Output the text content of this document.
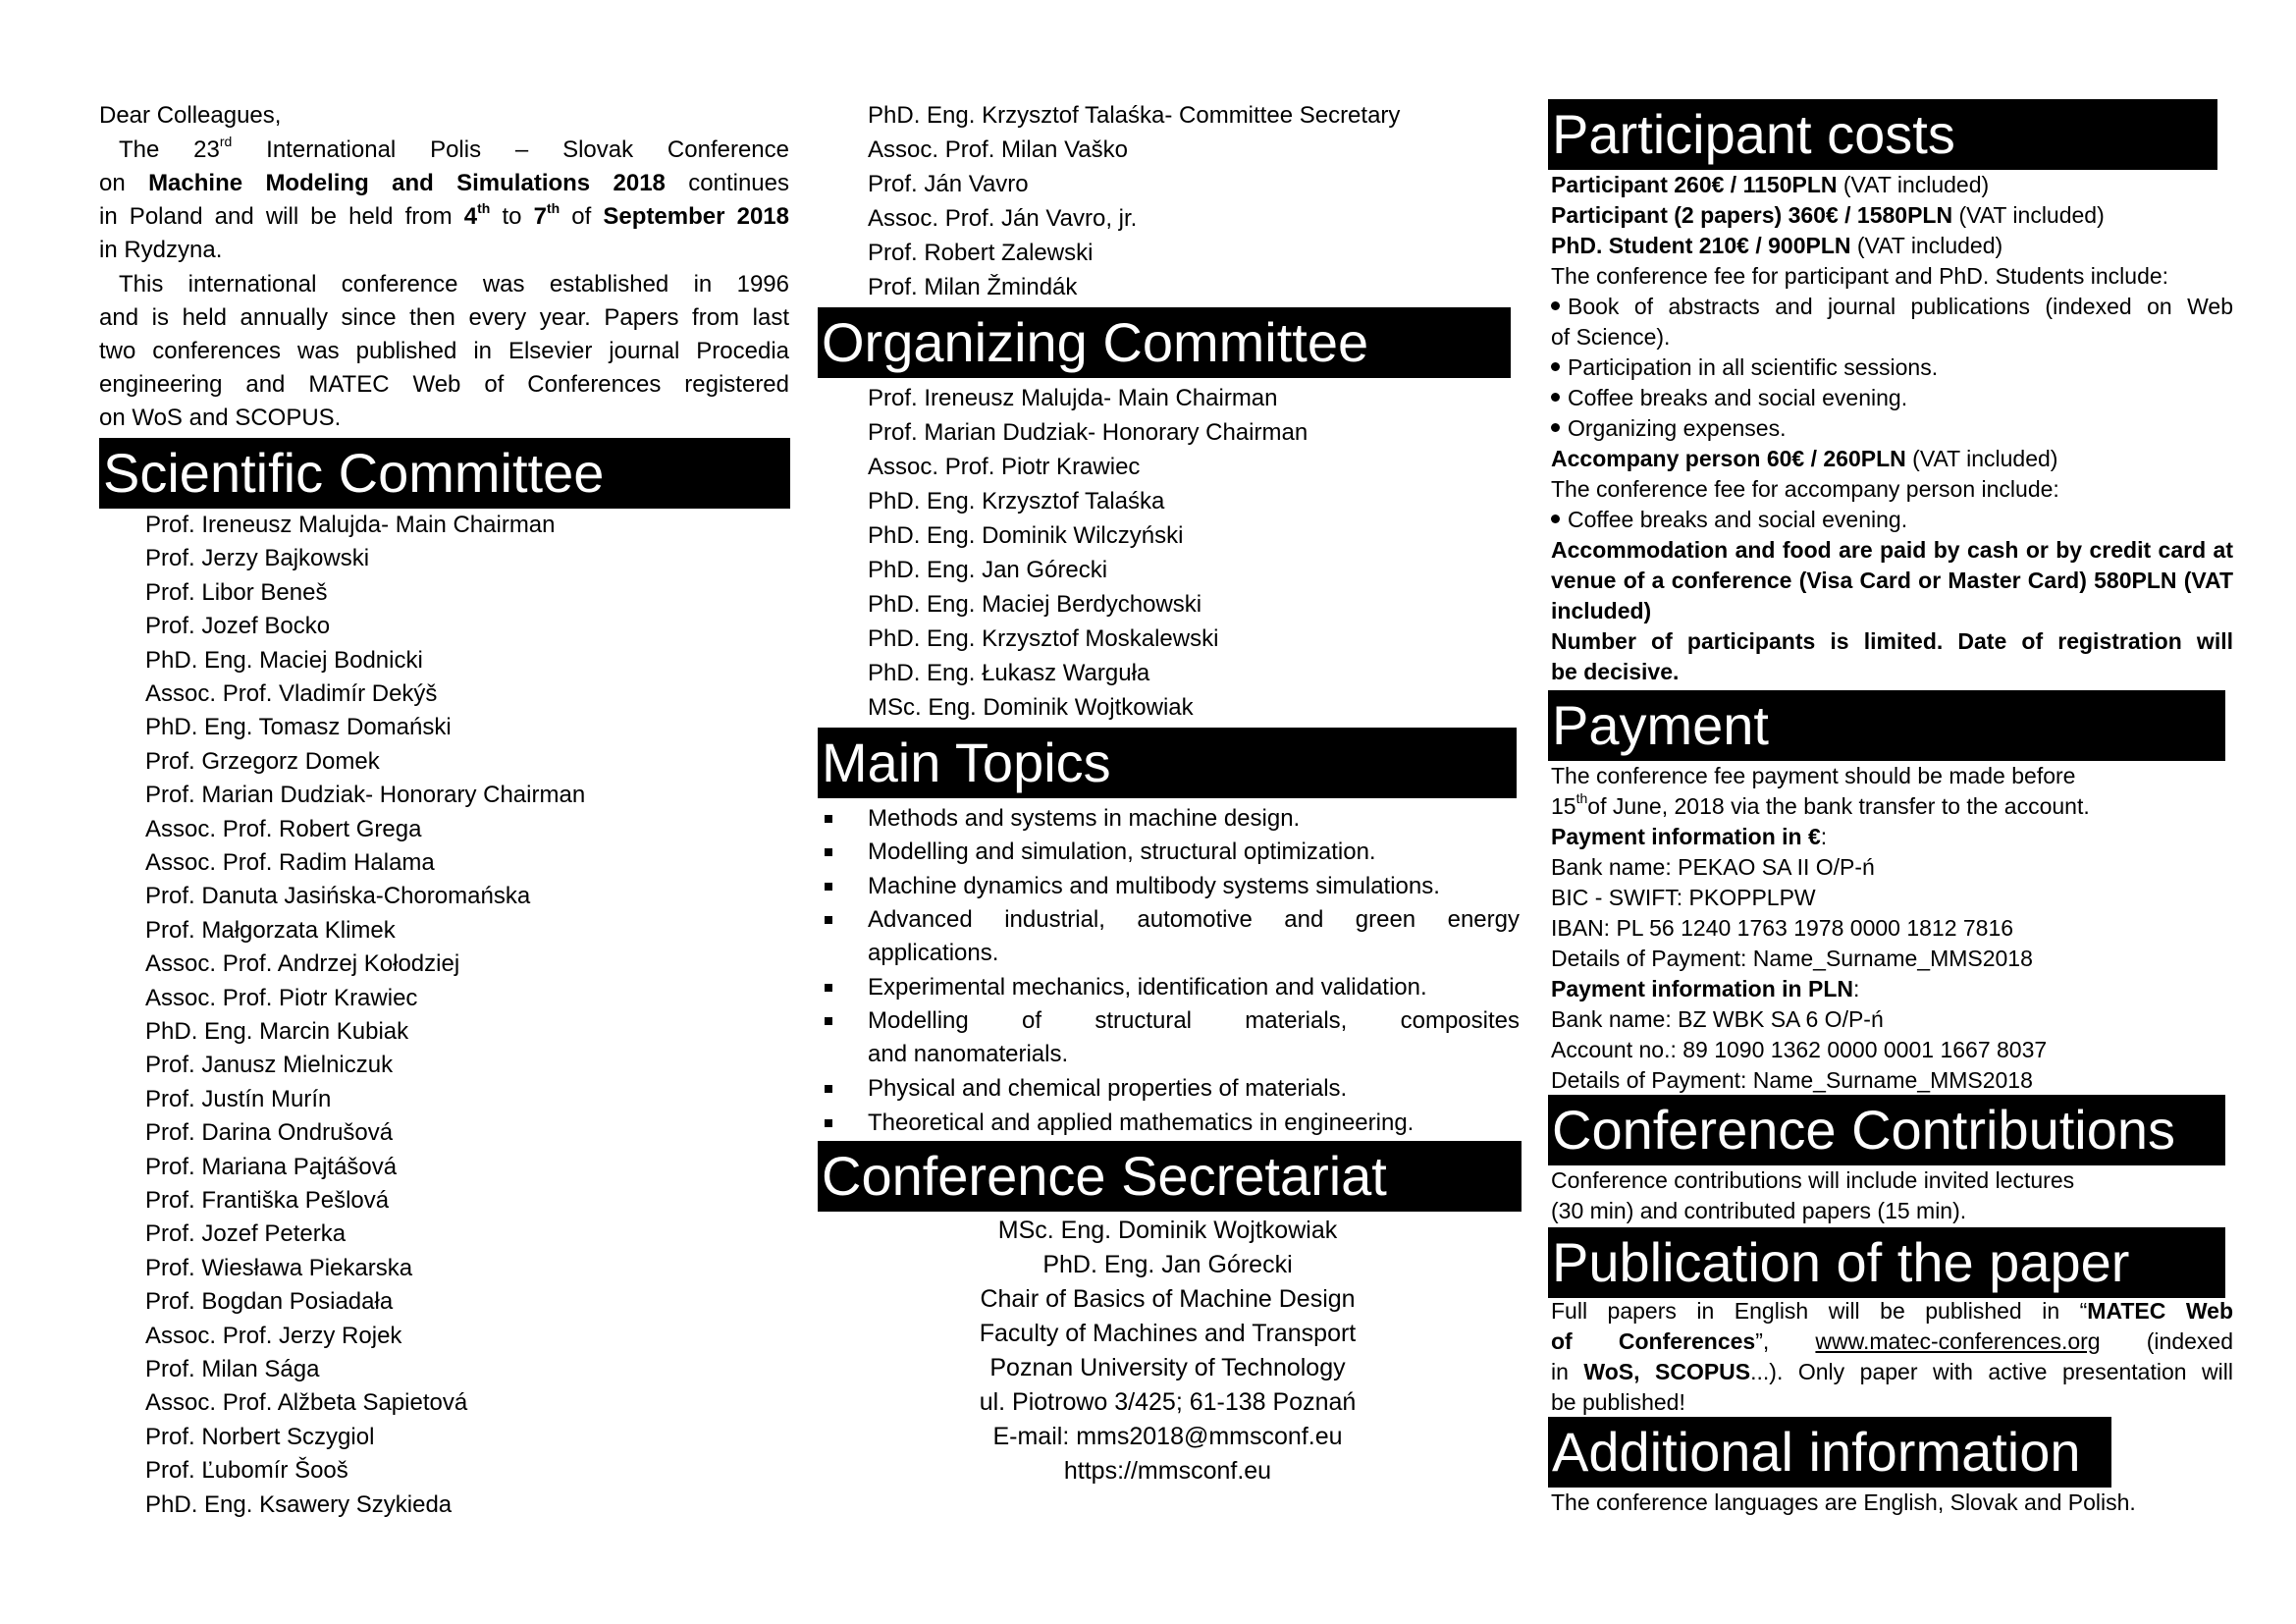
Dear Colleagues,
The 23rd International Polis – Slovak Conference
on Machine Modeling and Simulations 2018 continues
in Poland and will be held from 4th to 7th of September 2018
in Rydzyna.
This international conference was established in 1996
and is held annually since then every year. Papers from last
two conferences was published in Elsevier journal Procedia
engineering and MATEC Web of Conferences registered
on WoS and SCOPUS.
Scientific Committee
Prof. Ireneusz Malujda- Main Chairman
Prof. Jerzy Bajkowski
Prof. Libor Beneš
Prof. Jozef Bocko
PhD. Eng. Maciej Bodnicki
Assoc. Prof. Vladimír Dekýš
PhD. Eng. Tomasz Domański
Prof. Grzegorz Domek
Prof. Marian Dudziak- Honorary Chairman
Assoc. Prof. Robert Grega
Assoc. Prof. Radim Halama
Prof. Danuta Jasińska-Choromańska
Prof. Małgorzata Klimek
Assoc. Prof. Andrzej Kołodziej
Assoc. Prof. Piotr Krawiec
PhD. Eng. Marcin Kubiak
Prof. Janusz Mielniczuk
Prof. Justín Murín
Prof. Darina Ondrušová
Prof. Mariana Pajtášová
Prof. Františka Pešlová
Prof. Jozef Peterka
Prof. Wiesława Piekarska
Prof. Bogdan Posiadała
Assoc. Prof. Jerzy Rojek
Prof. Milan Sága
Assoc. Prof. Alžbeta Sapietová
Prof. Norbert Sczygiol
Prof. Ľubomír Šooš
PhD. Eng. Ksawery Szykieda
PhD. Eng. Krzysztof Talaśka- Committee Secretary
Assoc. Prof. Milan Vaško
Prof. Ján Vavro
Assoc. Prof. Ján Vavro, jr.
Prof. Robert Zalewski
Prof. Milan Žmindák
Organizing Committee
Prof. Ireneusz Malujda- Main Chairman
Prof. Marian Dudziak- Honorary Chairman
Assoc. Prof. Piotr Krawiec
PhD. Eng. Krzysztof Talaśka
PhD. Eng. Dominik Wilczyński
PhD. Eng. Jan Górecki
PhD. Eng. Maciej Berdychowski
PhD. Eng. Krzysztof Moskalewski
PhD. Eng. Łukasz Warguła
MSc. Eng. Dominik Wojtkowiak
Main Topics
Methods and systems in machine design.
Modelling and simulation, structural optimization.
Machine dynamics and multibody systems simulations.
Advanced industrial, automotive and green energy
applications.
Experimental mechanics, identification and validation.
Modelling of structural materials, composites
and nanomaterials.
Physical and chemical properties of materials.
Theoretical and applied mathematics in engineering.
Conference Secretariat
MSc. Eng. Dominik Wojtkowiak
PhD. Eng. Jan Górecki
Chair of Basics of Machine Design
Faculty of Machines and Transport
Poznan University of Technology
ul. Piotrowo 3/425; 61-138 Poznań
E-mail: mms2018@mmsconf.eu
https://mmsconf.eu
Participant costs
Participant 260€ / 1150PLN (VAT included)
Participant (2 papers) 360€ / 1580PLN (VAT included)
PhD. Student 210€ / 900PLN (VAT included)
The conference fee for participant and PhD. Students include:
Book of abstracts and journal publications (indexed on Web
of Science).
Participation in all scientific sessions.
Coffee breaks and social evening.
Organizing expenses.
Accompany person 60€ / 260PLN (VAT included)
The conference fee for accompany person include:
Coffee breaks and social evening.
Accommodation and food are paid by cash or by credit card at
venue of a conference (Visa Card or Master Card) 580PLN (VAT
included)
Number of participants is limited. Date of registration will
be decisive.
Payment
The conference fee payment should be made before
15thof June, 2018 via the bank transfer to the account.
Payment information in €:
Bank name: PEKAO SA II O/P-ń
BIC - SWIFT: PKOPPLPW
IBAN: PL 56 1240 1763 1978 0000 1812 7816
Details of Payment: Name_Surname_MMS2018
Payment information in PLN:
Bank name: BZ WBK SA 6 O/P-ń
Account no.: 89 1090 1362 0000 0001 1667 8037
Details of Payment: Name_Surname_MMS2018
Conference Contributions
Conference contributions will include invited lectures
(30 min) and contributed papers (15 min).
Publication of the paper
Full papers in English will be published in “MATEC Web
of Conferences”, www.matec-conferences.org (indexed
in WoS, SCOPUS...). Only paper with active presentation will
be published!
Additional information
The conference languages are English, Slovak and Polish.
